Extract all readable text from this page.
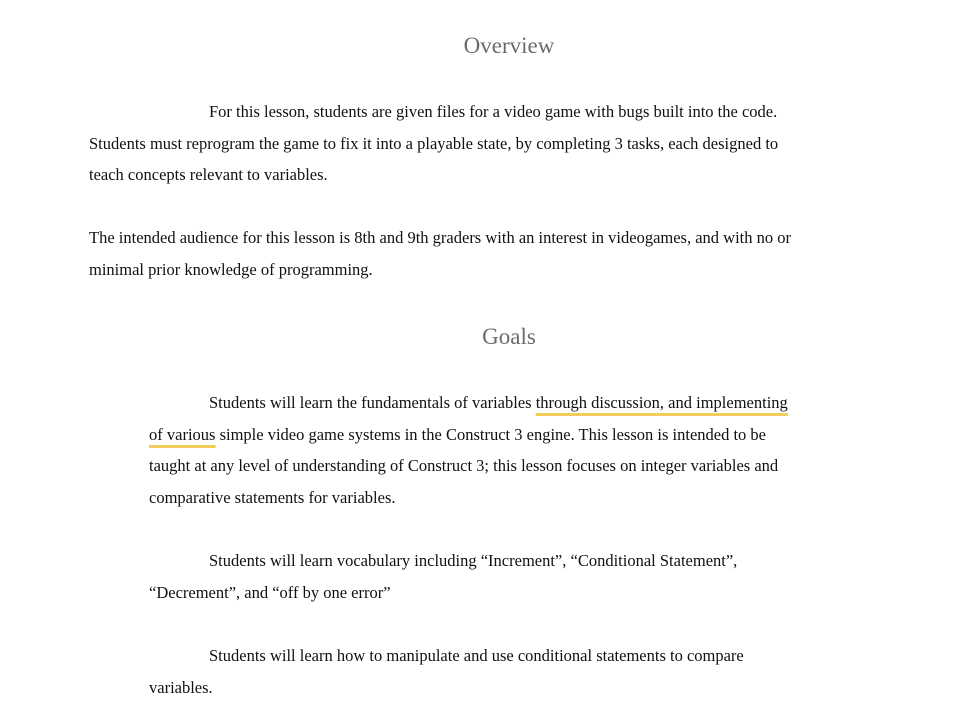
Overview

For this lesson, students are given files for a video game with bugs built into the code.
Students must reprogram the game to fix it into a playable state, by completing 3 tasks, each designed to
teach concepts relevant to variables.

The intended audience for this lesson is 8th and 9th graders with an interest in videogames, and with no or
minimal prior knowledge of programming.

Goals

Students will learn the fundamentals of variables through discussion, and implementing
of various simple video game systems in the Construct 3 engine. This lesson is intended to be
taught at any level of understanding of Construct 3; this lesson focuses on integer variables and
comparative statements for variables.

Students will learn vocabulary including “Increment”, “Conditional Statement”,
“Decrement”, and “off by one error”

Students will learn how to manipulate and use conditional statements to compare
variables.
